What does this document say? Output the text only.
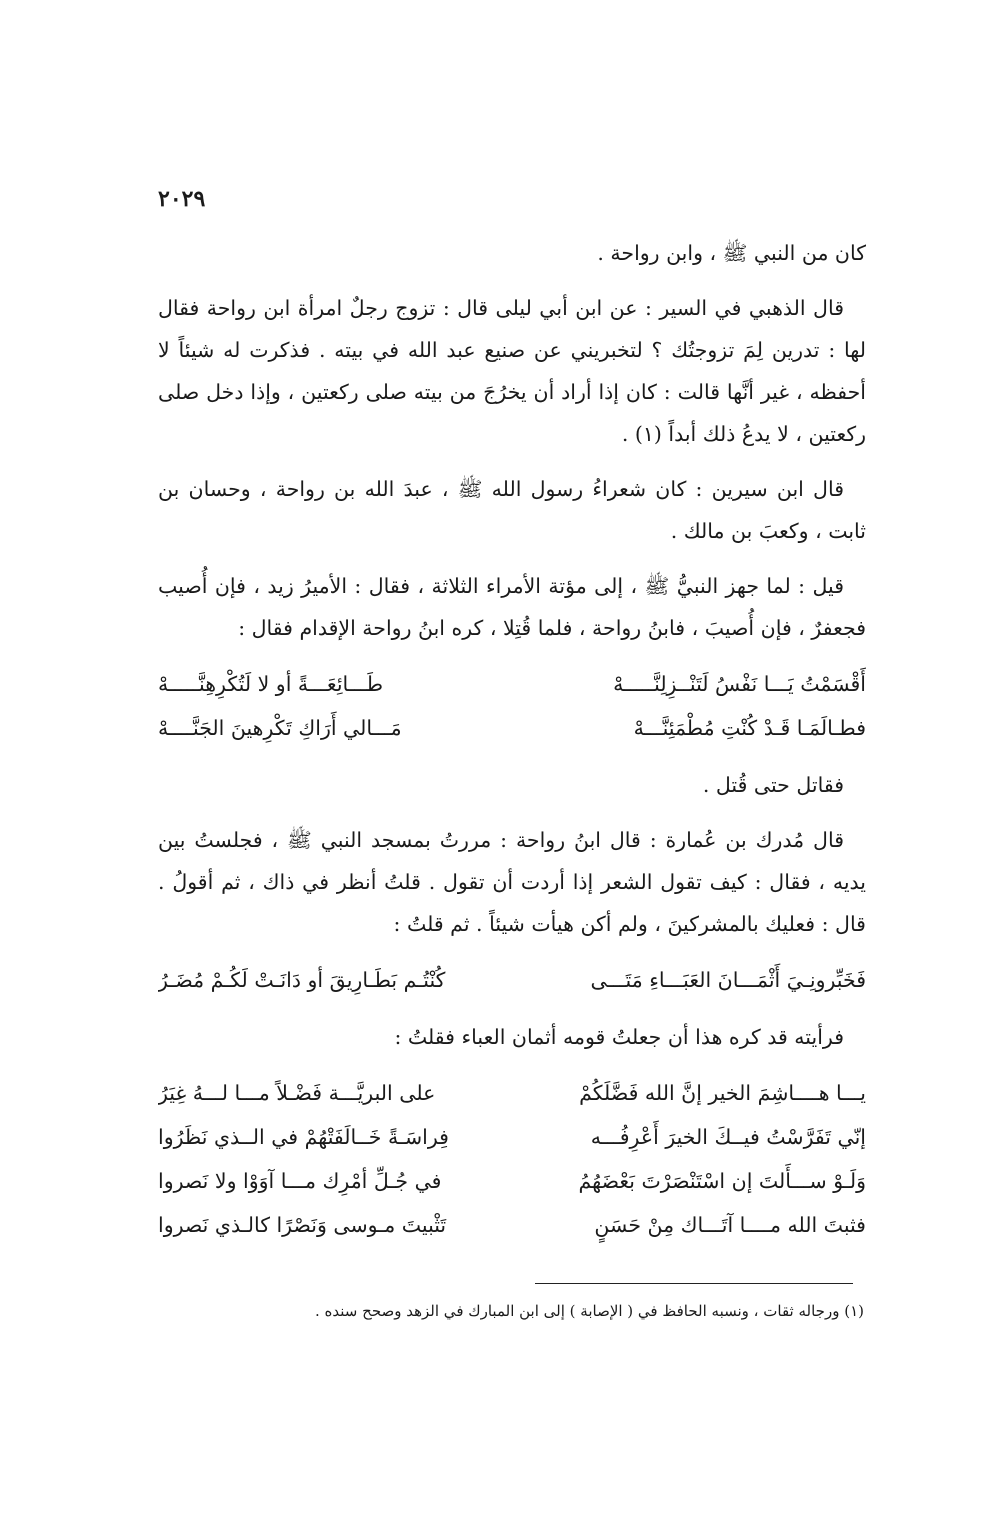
٢٠٢٩

كان من النبي ﷺ ، وابن رواحة .

قال الذهبي في السير : عن ابن أبي ليلى قال : تزوج رجلٌ امرأة ابن رواحة فقال لها : تدرين لِمَ تزوجتُك ؟ لتخبريني عن صنيع عبد الله في بيته . فذكرت له شيئاً لا أحفظه ، غير أنَّها قالت : كان إذا أراد أن يخرُجَ من بيته صلى ركعتين ، وإذا دخل صلى ركعتين ، لا يدعُ ذلك أبداً (١) .

قال ابن سيرين : كان شعراءُ رسول الله ﷺ ، عبدَ الله بن رواحة ، وحسان بن ثابت ، وكعبَ بن مالك .

قيل : لما جهز النبيُّ ﷺ ، إلى مؤتة الأمراء الثلاثة ، فقال : الأميرُ زيد ، فإن أُصيب فجعفرٌ ، فإن أُصيبَ ، فابنُ رواحة ، فلما قُتِلا ، كره ابنُ رواحة الإقدام فقال :

أَقْسَمْتُ يَـــا نَفْسُ لَتَنْــزِلِنَّـــــهْ
طَـــائِعَـــةً أو لا لَتُكْرِهِنَّـــــهْ
فطـالَمَـا قَـدْ كُنْتِ مُطْمَئِنَّـــهْ
مَـــالي أَرَاكِ تَكْرِهينَ الجَنَّــــهْ

فقاتل حتى قُتل .

قال مُدرك بن عُمارة : قال ابنُ رواحة : مررتُ بمسجد النبي ﷺ ، فجلستُ بين يديه ، فقال : كيف تقول الشعر إذا أردت أن تقول . قلتُ أنظر في ذاك ، ثم أقولُ . قال : فعليك بالمشركينَ ، ولم أكن هيأت شيئاً . ثم قلتُ :

فَخَبِّرونِـيَ أَثْمَـــانَ العَبَـــاءِ مَتَـــى
كُنْتُـم بَطَـارِيقَ أو دَانَـتْ لَكُـمْ مُضَـرُ

فرأيته قد كره هذا أن جعلتُ قومه أثمان العباء فقلتُ :

يـــا هــــاشِمَ الخير إنَّ الله فَضَّلَكُمْ
على البريَّـــة فَضْـلاً مـــا لـــهُ غِيَرُ
إنّي تَفَرَّسْتُ فيــكَ الخيرَ أَعْرِفُـــه
فِراسَـةً خَــالَفَتْهُمْ في الــذي نَظَرُوا
وَلَـوْ ســـأَلتَ إن اسْتَنْصَرْتَ بَعْضَهُمُ
في جُـلِّ أمْرِك مـــا آوَوْا ولا نَصروا
فثبتَ الله مــــا آتَـــاك مِنْ حَسَنٍ
تَثْبيتَ مـوسى وَنَصْرًا كالـذي نَصروا
(١) ورجاله ثقات ، ونسبه الحافظ في ( الإصابة ) إلى ابن المبارك في الزهد وصحح سنده .
